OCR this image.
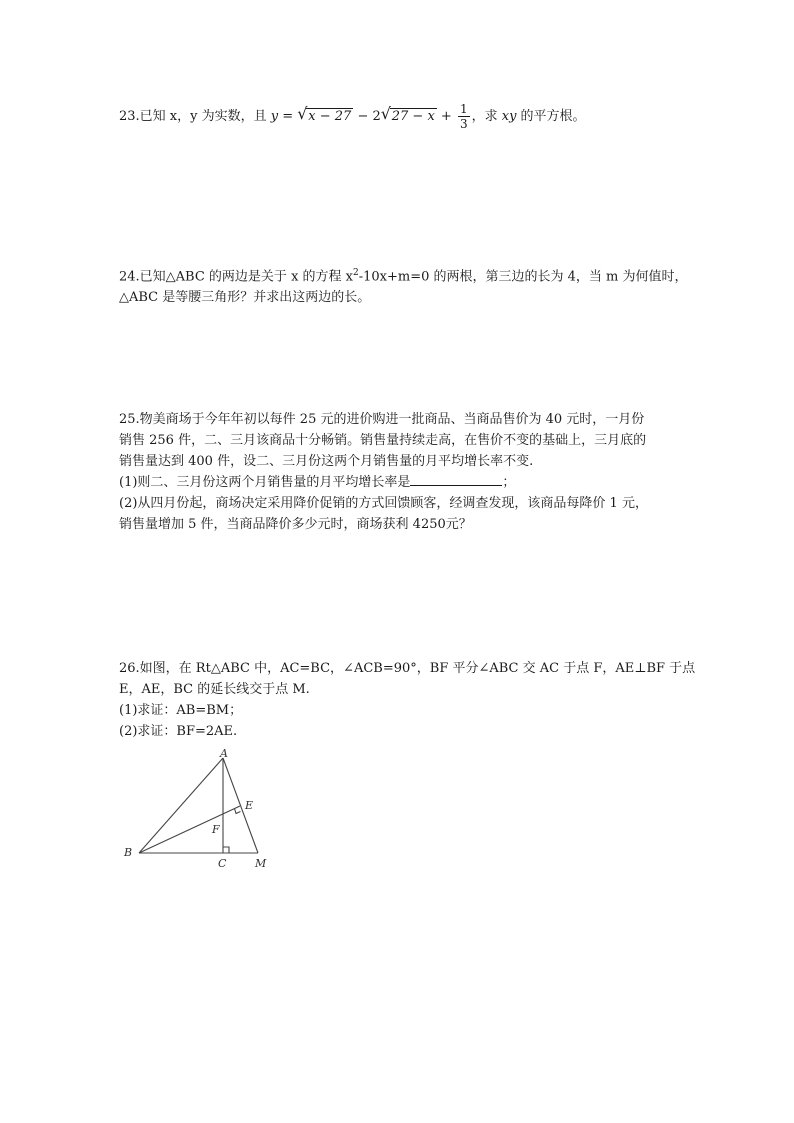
23.已知 x，y 为实数，且 y = √ x − 27 − 2 √ $27 - x + \frac{1}{3}$ ，求 xy 的平方根。
24.已知△ABC 的两边是关于 x 的方程 $x^2-10x+m=0$ 的两根，第三边的长为 4，当 m 为何值时，
△ABC 是等腰三角形？并求出这两边的长。
25.物美商场于今年年初以每件 25 元的进价购进一批商品、当商品售价为 40 元时，一月份
销售 256 件，二、三月该商品十分畅销。销售量持续走高，在售价不变的基础上，三月底的
销售量达到 400 件，设二、三月份这两个月销售量的月平均增长率不变.
(1)则二、三月份这两个月销售量的月平均增长率是	；
(2)从四月份起，商场决定采用降价促销的方式回馈顾客，经调查发现，该商品每降价 1 元，
销售量增加 5 件，当商品降价多少元时，商场获利 4250元？
26.如图，在 Rt△ABC 中，AC=BC，∠ACB=90°，BF 平分∠ABC 交 AC 于点 F，AE⊥BF 于点
E，AE，BC 的延长线交于点 M.
(1)求证：AB=BM；
(2)求证：BF=2AE.
A
B
C
E
F
M
